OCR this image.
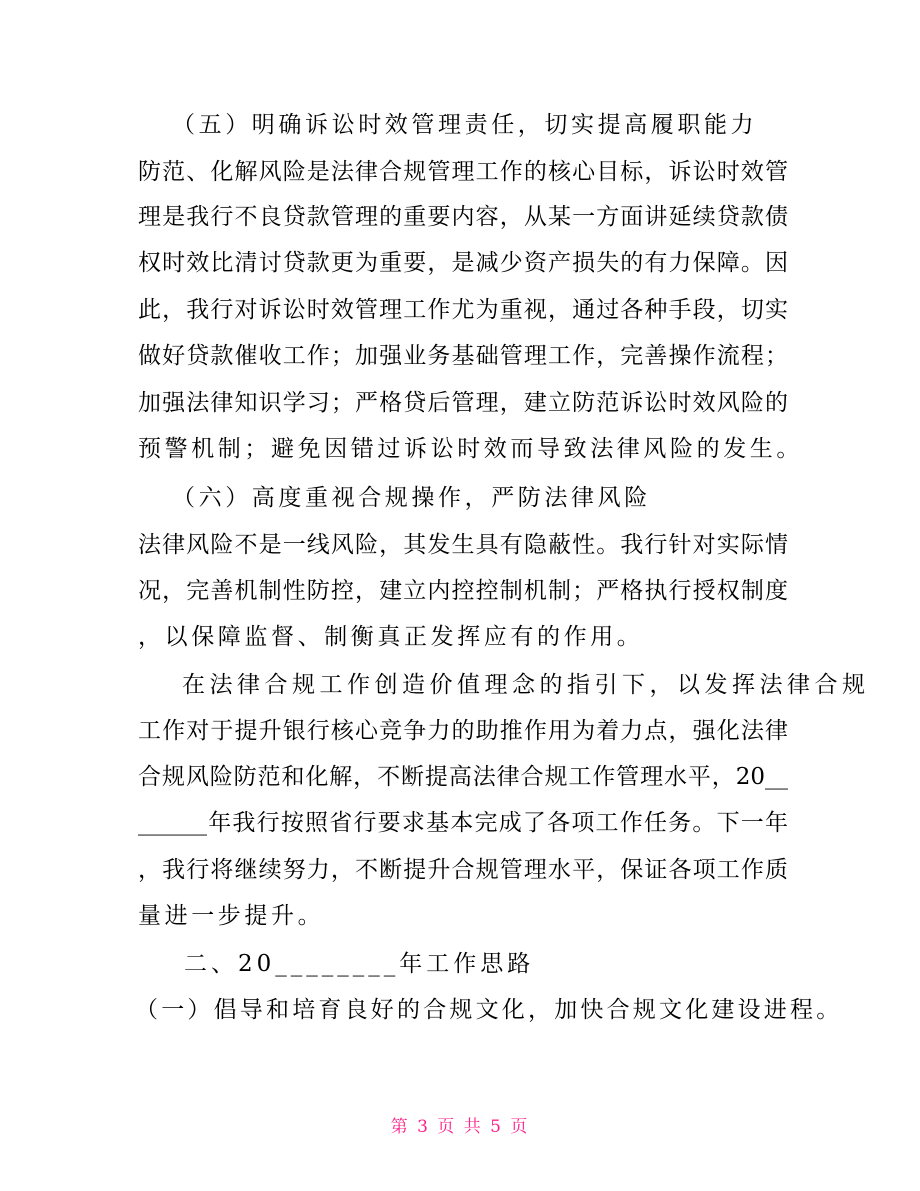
（五）明确诉讼时效管理责任，切实提高履职能力
防范、化解风险是法律合规管理工作的核心目标，诉讼时效管
理是我行不良贷款管理的重要内容，从某一方面讲延续贷款债
权时效比清讨贷款更为重要，是减少资产损失的有力保障。因
此，我行对诉讼时效管理工作尤为重视，通过各种手段，切实
做好贷款催收工作；加强业务基础管理工作，完善操作流程；
加强法律知识学习；严格贷后管理，建立防范诉讼时效风险的
预警机制；避免因错过诉讼时效而导致法律风险的发生。
（六）高度重视合规操作，严防法律风险
法律风险不是一线风险，其发生具有隐蔽性。我行针对实际情
况，完善机制性防控，建立内控控制机制；严格执行授权制度
，以保障监督、制衡真正发挥应有的作用。
在法律合规工作创造价值理念的指引下，以发挥法律合规
工作对于提升银行核心竞争力的助推作用为着力点，强化法律
合规风险防范和化解，不断提高法律合规工作管理水平，20__
______年我行按照省行要求基本完成了各项工作任务。下一年
，我行将继续努力，不断提升合规管理水平，保证各项工作质
量进一步提升。
二、20________年工作思路
（一）倡导和培育良好的合规文化，加快合规文化建设进程。
第 3 页 共 5 页
